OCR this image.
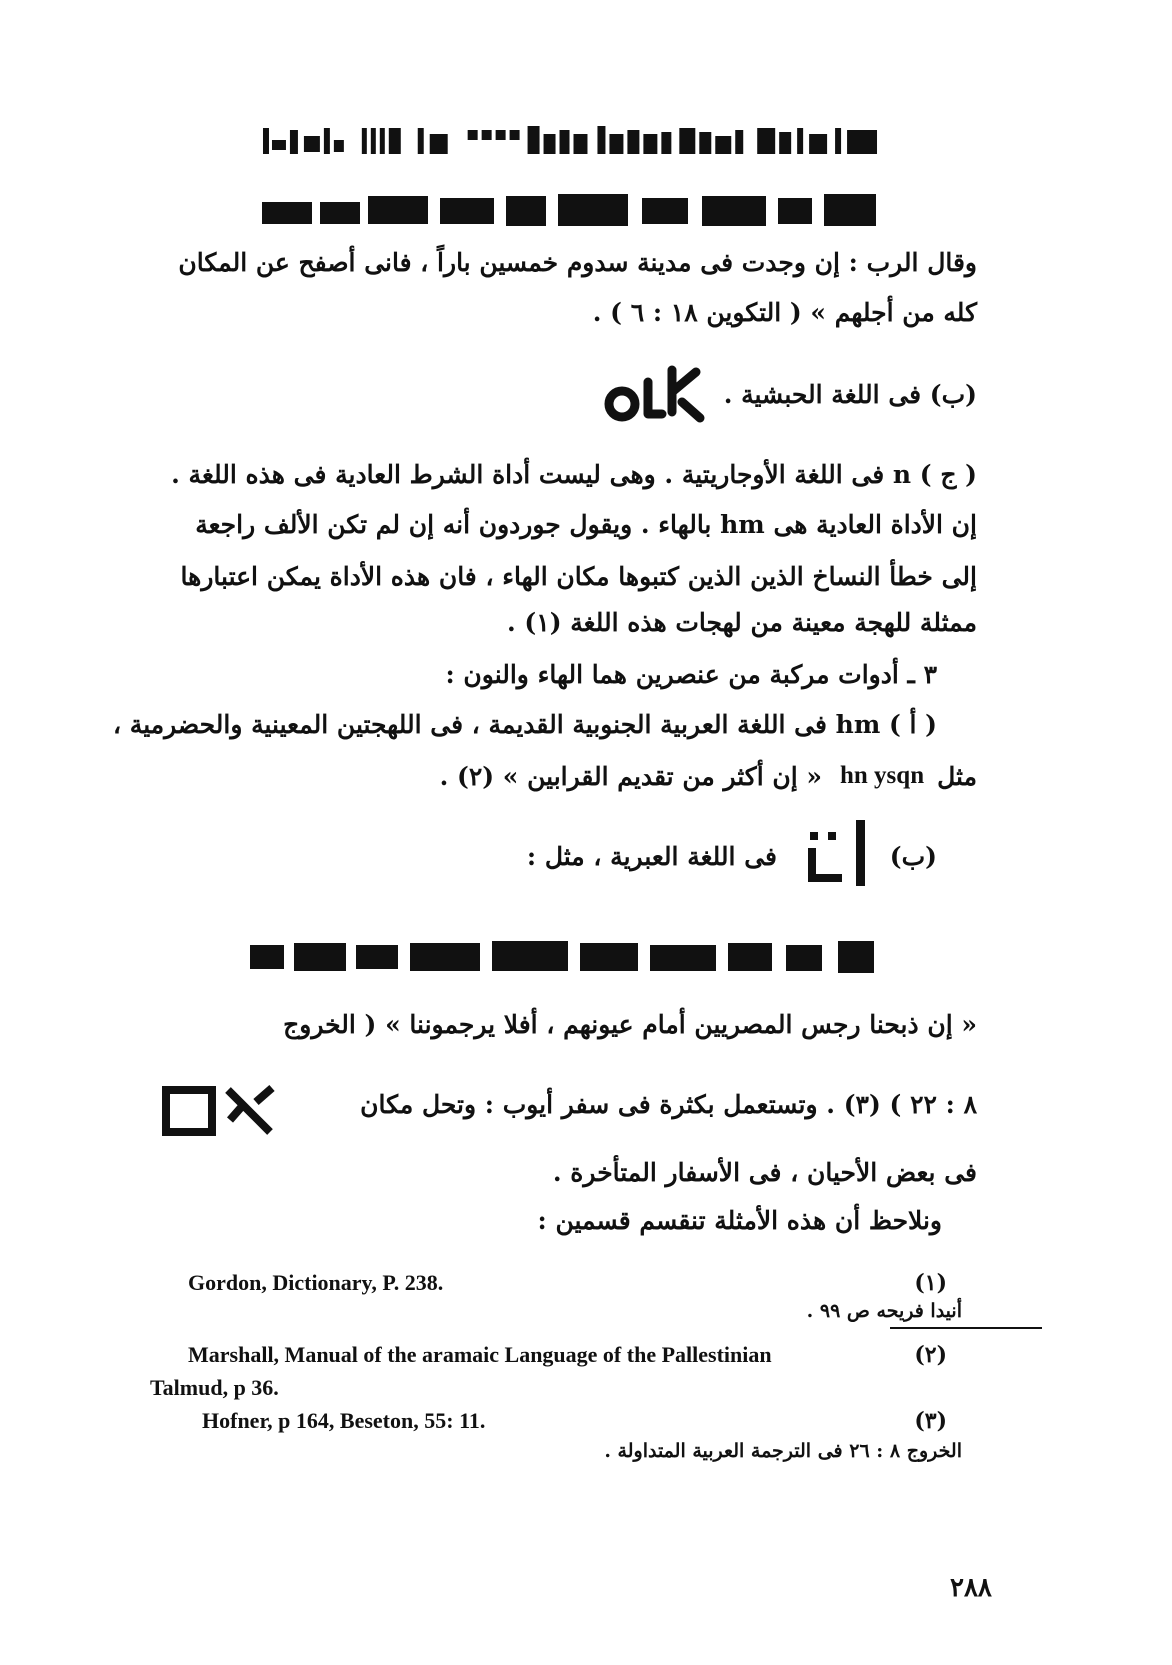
وقال الرب : إن وجدت فى مدينة سدوم خمسين باراً ، فانى أصفح عن المكان
كله من أجلهم » ( التكوين ١٨ : ٦ ) .
(ب) فى اللغة الحبشية .
( ج ) n فى اللغة الأوجاريتية . وهى ليست أداة الشرط العادية فى هذه اللغة .
إن الأداة العادية هى hm بالهاء . ويقول جوردون أنه إن لم تكن الألف راجعة
إلى خطأ النساخ الذين الذين كتبوها مكان الهاء ، فان هذه الأداة يمكن اعتبارها
ممثلة للهجة معينة من لهجات هذه اللغة (١) .
٣ ـ أدوات مركبة من عنصرين هما الهاء والنون :
( أ ) hm فى اللغة العربية الجنوبية القديمة ، فى اللهجتين المعينية والحضرمية ،
مثل
hn ysqn
« إن أكثر من تقديم القرابين » (٢) .
(ب)
فى اللغة العبرية ، مثل :
« إن ذبحنا رجس المصريين أمام عيونهم ، أفلا يرجموننا » ( الخروج
٨ : ٢٢ ) (٣) . وتستعمل بكثرة فى سفر أيوب : وتحل مكان
فى بعض الأحيان ، فى الأسفار المتأخرة .
ونلاحظ أن هذه الأمثلة تنقسم قسمين :
Gordon, Dictionary, P. 238.	(١)
أنيدا فريحه ص ٩٩ .
Marshall, Manual of the aramaic Language of the Pallestinian	(٢)
Talmud, p 36.
Hofner, p 164, Beseton, 55: 11.	(٣)
الخروج ٨ : ٢٦ فى الترجمة العربية المتداولة .
٢٨٨
